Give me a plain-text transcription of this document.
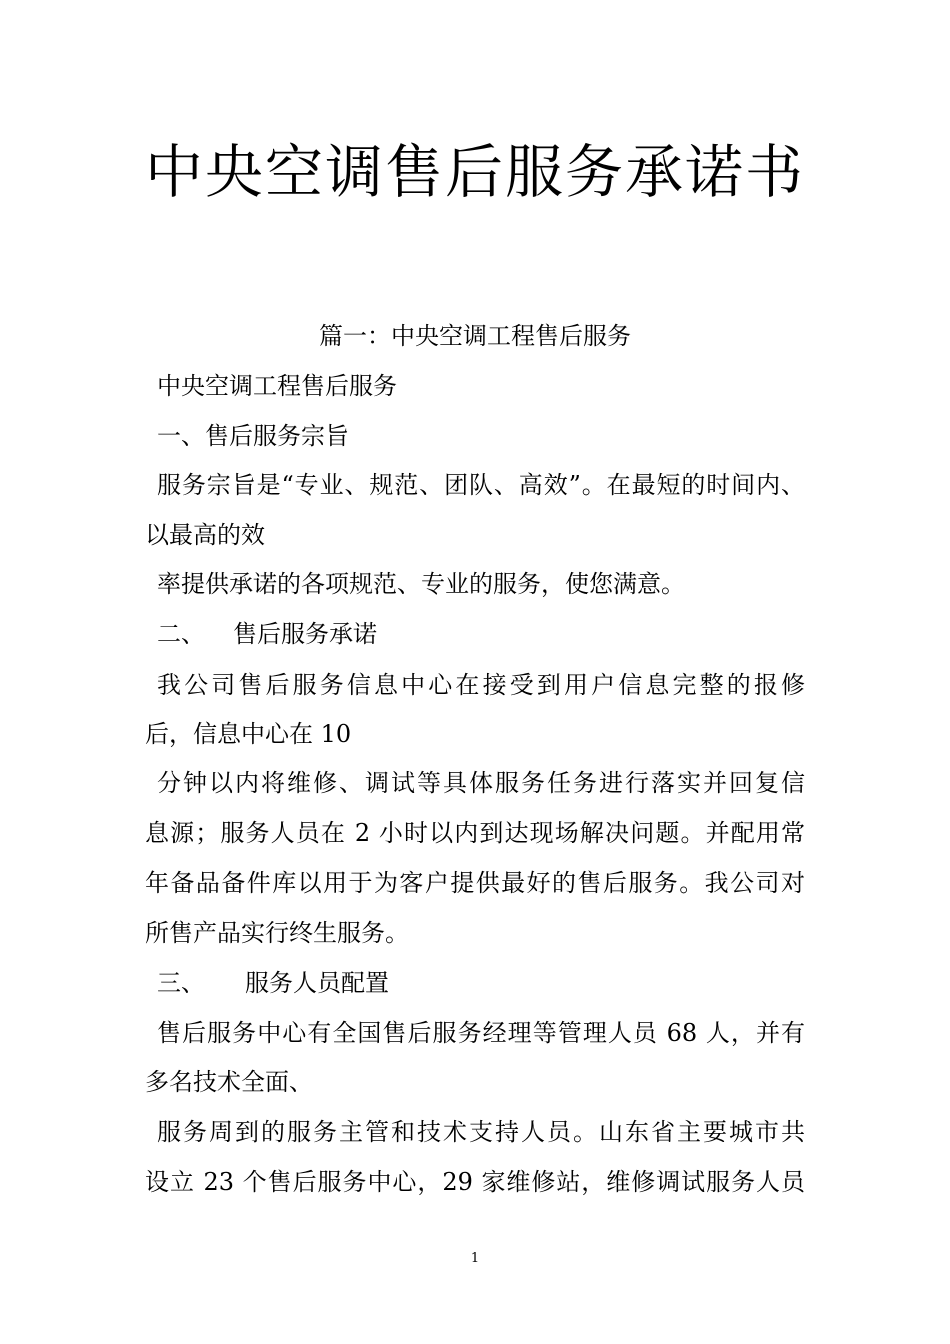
中央空调售后服务承诺书
篇一：中央空调工程售后服务
中央空调工程售后服务
一、售后服务宗旨
服务宗旨是“专业、规范、团队、高效”。在最短的时间内、
以最高的效
率提供承诺的各项规范、专业的服务，使您满意。
二、 售后服务承诺
我公司售后服务信息中心在接受到用户信息完整的报修
后，信息中心在 10
分钟以内将维修、调试等具体服务任务进行落实并回复信
息源；服务人员在 2 小时以内到达现场解决问题。并配用常
年备品备件库以用于为客户提供最好的售后服务。我公司对
所售产品实行终生服务。
三、 服务人员配置
售后服务中心有全国售后服务经理等管理人员 68 人，并有
多名技术全面、
服务周到的服务主管和技术支持人员。山东省主要城市共
设立 23 个售后服务中心，29 家维修站，维修调试服务人员
1
